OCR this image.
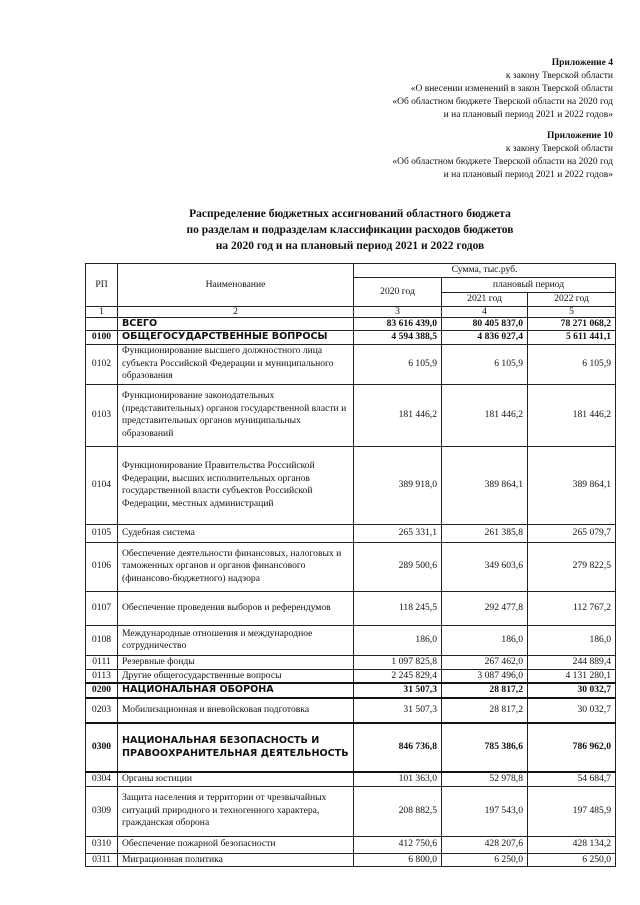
Приложение 4
к закону Тверской области
«О внесении изменений в закон Тверской области
«Об областном бюджете Тверской области на 2020 год
и на плановый период 2021 и 2022 годов»
Приложение 10
к закону Тверской области
«Об областном бюджете Тверской области на 2020 год
и на плановый период 2021 и 2022 годов»
Распределение бюджетных ассигнований областного бюджета
по разделам и подразделам классификации расходов бюджетов
на 2020 год и на плановый период 2021 и 2022 годов
РП	Наименование	Сумма, тыс.руб.		
		2020 год	плановый период	
			2021 год	2022 год
1	2	3	4	5
	ВСЕГО	83 616 439,0	80 405 837,0	78 271 068,2
0100	ОБЩЕГОСУДАРСТВЕННЫЕ ВОПРОСЫ	4 594 388,5	4 836 027,4	5 611 441,1
0102	Функционирование высшего должностного лица субъекта Российской Федерации и муниципального образования	6 105,9	6 105,9	6 105,9
0103	Функционирование законодательных (представительных) органов государственной власти и представительных органов муниципальных образований	181 446,2	181 446,2	181 446,2
0104	Функционирование Правительства Российской Федерации, высших исполнительных органов государственной власти субъектов Российской Федерации, местных администраций	389 918,0	389 864,1	389 864,1
0105	Судебная система	265 331,1	261 385,8	265 079,7
0106	Обеспечение деятельности финансовых, налоговых и таможенных органов и органов финансового (финансово-бюджетного) надзора	289 500,6	349 603,6	279 822,5
0107	Обеспечение проведения выборов и референдумов	118 245,5	292 477,8	112 767,2
0108	Международные отношения и международное сотрудничество	186,0	186,0	186,0
0111	Резервные фонды	1 097 825,8	267 462,0	244 889,4
0113	Другие общегосударственные вопросы	2 245 829,4	3 087 496,0	4 131 280,1
0200	НАЦИОНАЛЬНАЯ ОБОРОНА	31 507,3	28 817,2	30 032,7
0203	Мобилизационная и вневойсковая подготовка	31 507,3	28 817,2	30 032,7
0300	НАЦИОНАЛЬНАЯ БЕЗОПАСНОСТЬ И ПРАВООХРАНИТЕЛЬНАЯ ДЕЯТЕЛЬНОСТЬ	846 736,8	785 386,6	786 962,0
0304	Органы юстиции	101 363,0	52 978,8	54 684,7
0309	Защита населения и территории от чрезвычайных ситуаций природного и техногенного характера, гражданская оборона	208 882,5	197 543,0	197 485,9
0310	Обеспечение пожарной безопасности	412 750,6	428 207,6	428 134,2
0311	Миграционная политика	6 800,0	6 250,0	6 250,0
